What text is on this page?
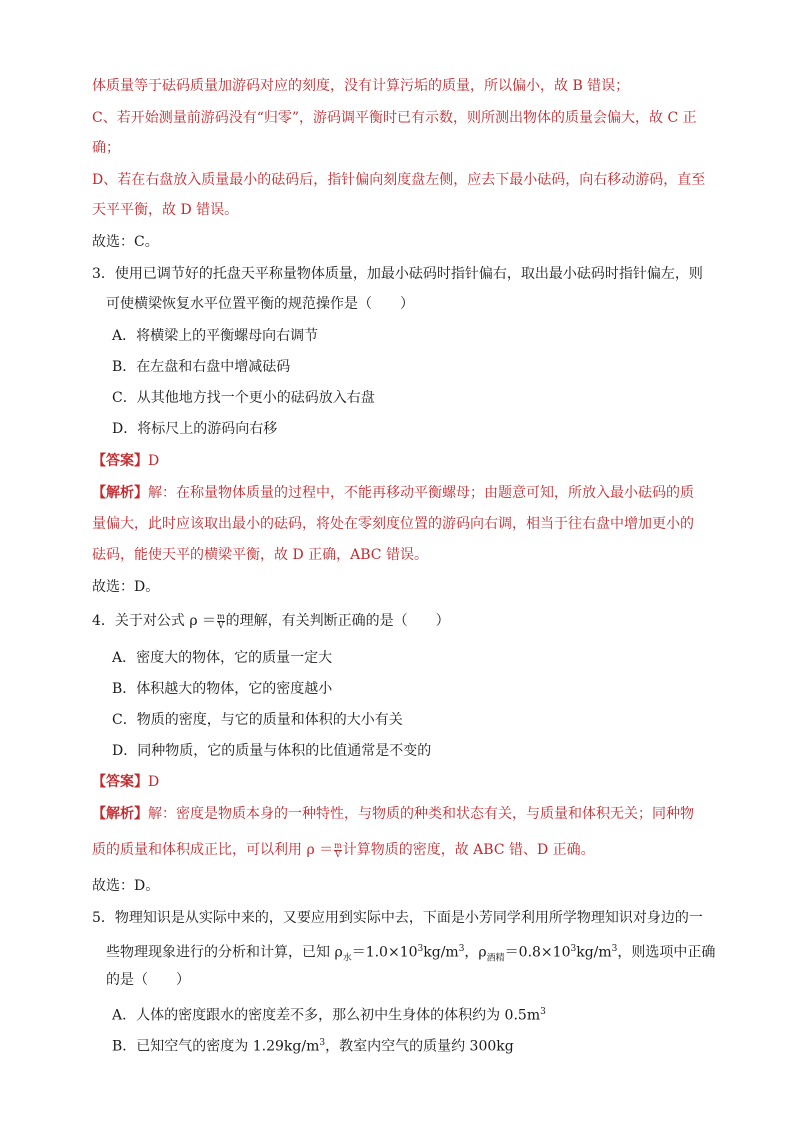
体质量等于砝码质量加游码对应的刻度，没有计算污垢的质量，所以偏小，故 B 错误；
C、若开始测量前游码没有“归零”，游码调平衡时已有示数，则所测出物体的质量会偏大，故 C 正
确；
D、若在右盘放入质量最小的砝码后，指针偏向刻度盘左侧，应去下最小砝码，向右移动游码，直至
天平平衡，故 D 错误。
故选：C。
3．使用已调节好的托盘天平称量物体质量，加最小砝码时指针偏右，取出最小砝码时指针偏左，则
可使横梁恢复水平位置平衡的规范操作是（　　）
A．将横梁上的平衡螺母向右调节
B．在左盘和右盘中增减砝码
C．从其他地方找一个更小的砝码放入右盘
D．将标尺上的游码向右移
【答案】D
【解析】解：在称量物体质量的过程中，不能再移动平衡螺母；由题意可知，所放入最小砝码的质
量偏大，此时应该取出最小的砝码，将处在零刻度位置的游码向右调，相当于往右盘中增加更小的
砝码，能使天平的横梁平衡，故 D 正确，ABC 错误。
故选：D。
4．关于对公式 $\rho = \frac{m}{V}$ 的理解，有关判断正确的是（　　）
A．密度大的物体，它的质量一定大
B．体积越大的物体，它的密度越小
C．物质的密度，与它的质量和体积的大小有关
D．同种物质，它的质量与体积的比值通常是不变的
【答案】D
【解析】解：密度是物质本身的一种特性，与物质的种类和状态有关，与质量和体积无关；同种物
质的质量和体积成正比，可以利用 $\rho = \frac{m}{V}$ 计算物质的密度，故 ABC 错、D 正确。
故选：D。
5．物理知识是从实际中来的，又要应用到实际中去，下面是小芳同学利用所学物理知识对身边的一
些物理现象进行的分析和计算，已知 $\rho_水=1.0\times 10^3kg/m^3$，$\rho_{酒精}=0.8\times 10^3kg/m^3$，则选项中正确
的是（　　）
A．人体的密度跟水的密度差不多，那么初中生身体的体积约为 $0.5m^3$
B．已知空气的密度为 $1.29kg/m^3$，教室内空气的质量约 300kg
